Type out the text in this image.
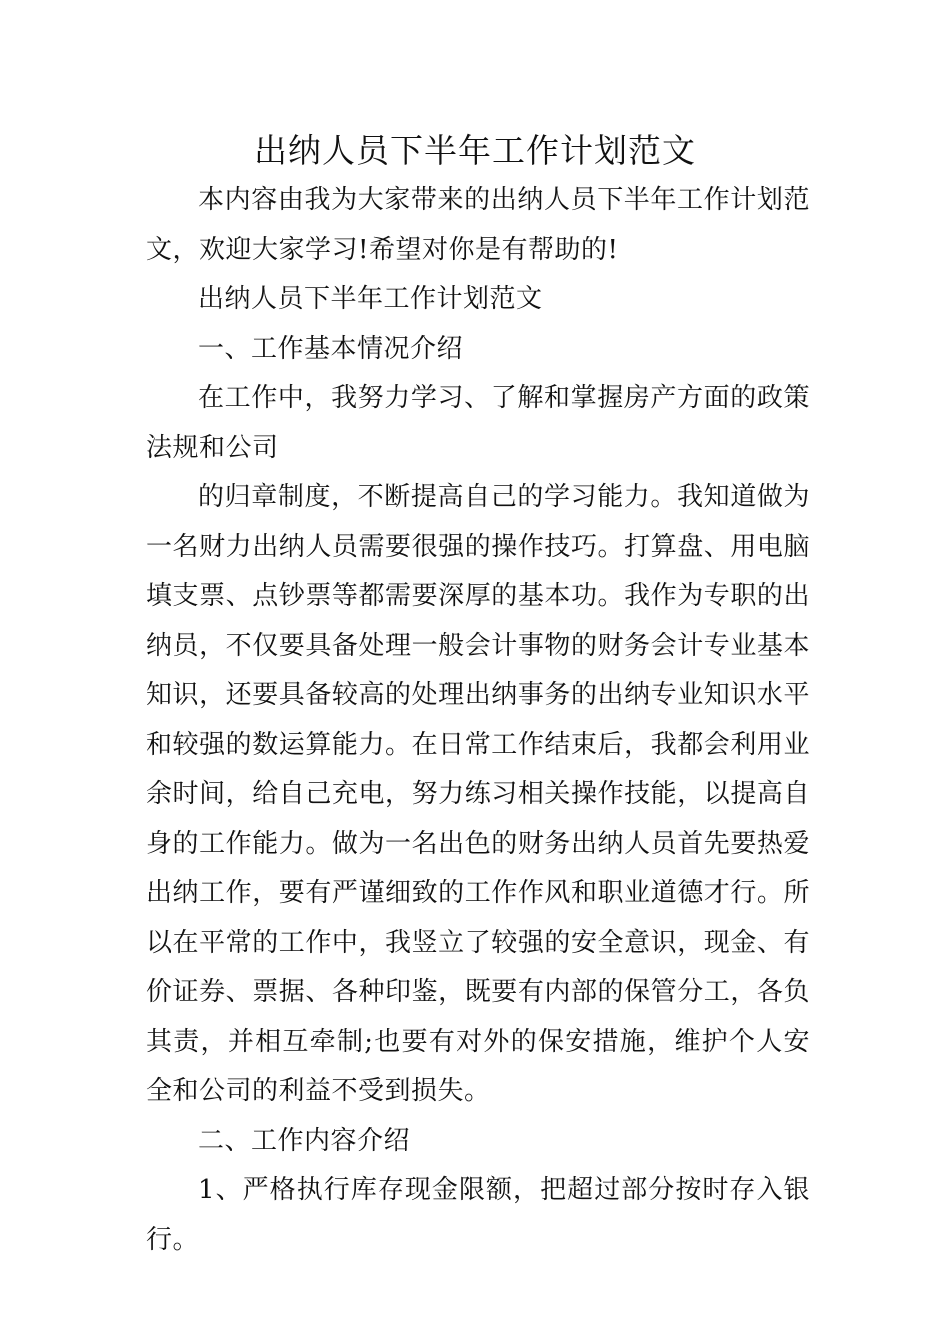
出纳人员下半年工作计划范文

本内容由我为大家带来的出纳人员下半年工作计划范文，欢迎大家学习!希望对你是有帮助的!

出纳人员下半年工作计划范文

一、工作基本情况介绍

在工作中，我努力学习、了解和掌握房产方面的政策法规和公司

的归章制度，不断提高自己的学习能力。我知道做为一名财力出纳人员需要很强的操作技巧。打算盘、用电脑填支票、点钞票等都需要深厚的基本功。我作为专职的出纳员，不仅要具备处理一般会计事物的财务会计专业基本知识，还要具备较高的处理出纳事务的出纳专业知识水平和较强的数运算能力。在日常工作结束后，我都会利用业余时间，给自己充电，努力练习相关操作技能，以提高自身的工作能力。做为一名出色的财务出纳人员首先要热爱出纳工作，要有严谨细致的工作作风和职业道德才行。所以在平常的工作中，我竖立了较强的安全意识，现金、有价证券、票据、各种印鉴，既要有内部的保管分工，各负其责，并相互牵制;也要有对外的保安措施，维护个人安全和公司的利益不受到损失。

二、工作内容介绍

1、严格执行库存现金限额，把超过部分按时存入银行。
